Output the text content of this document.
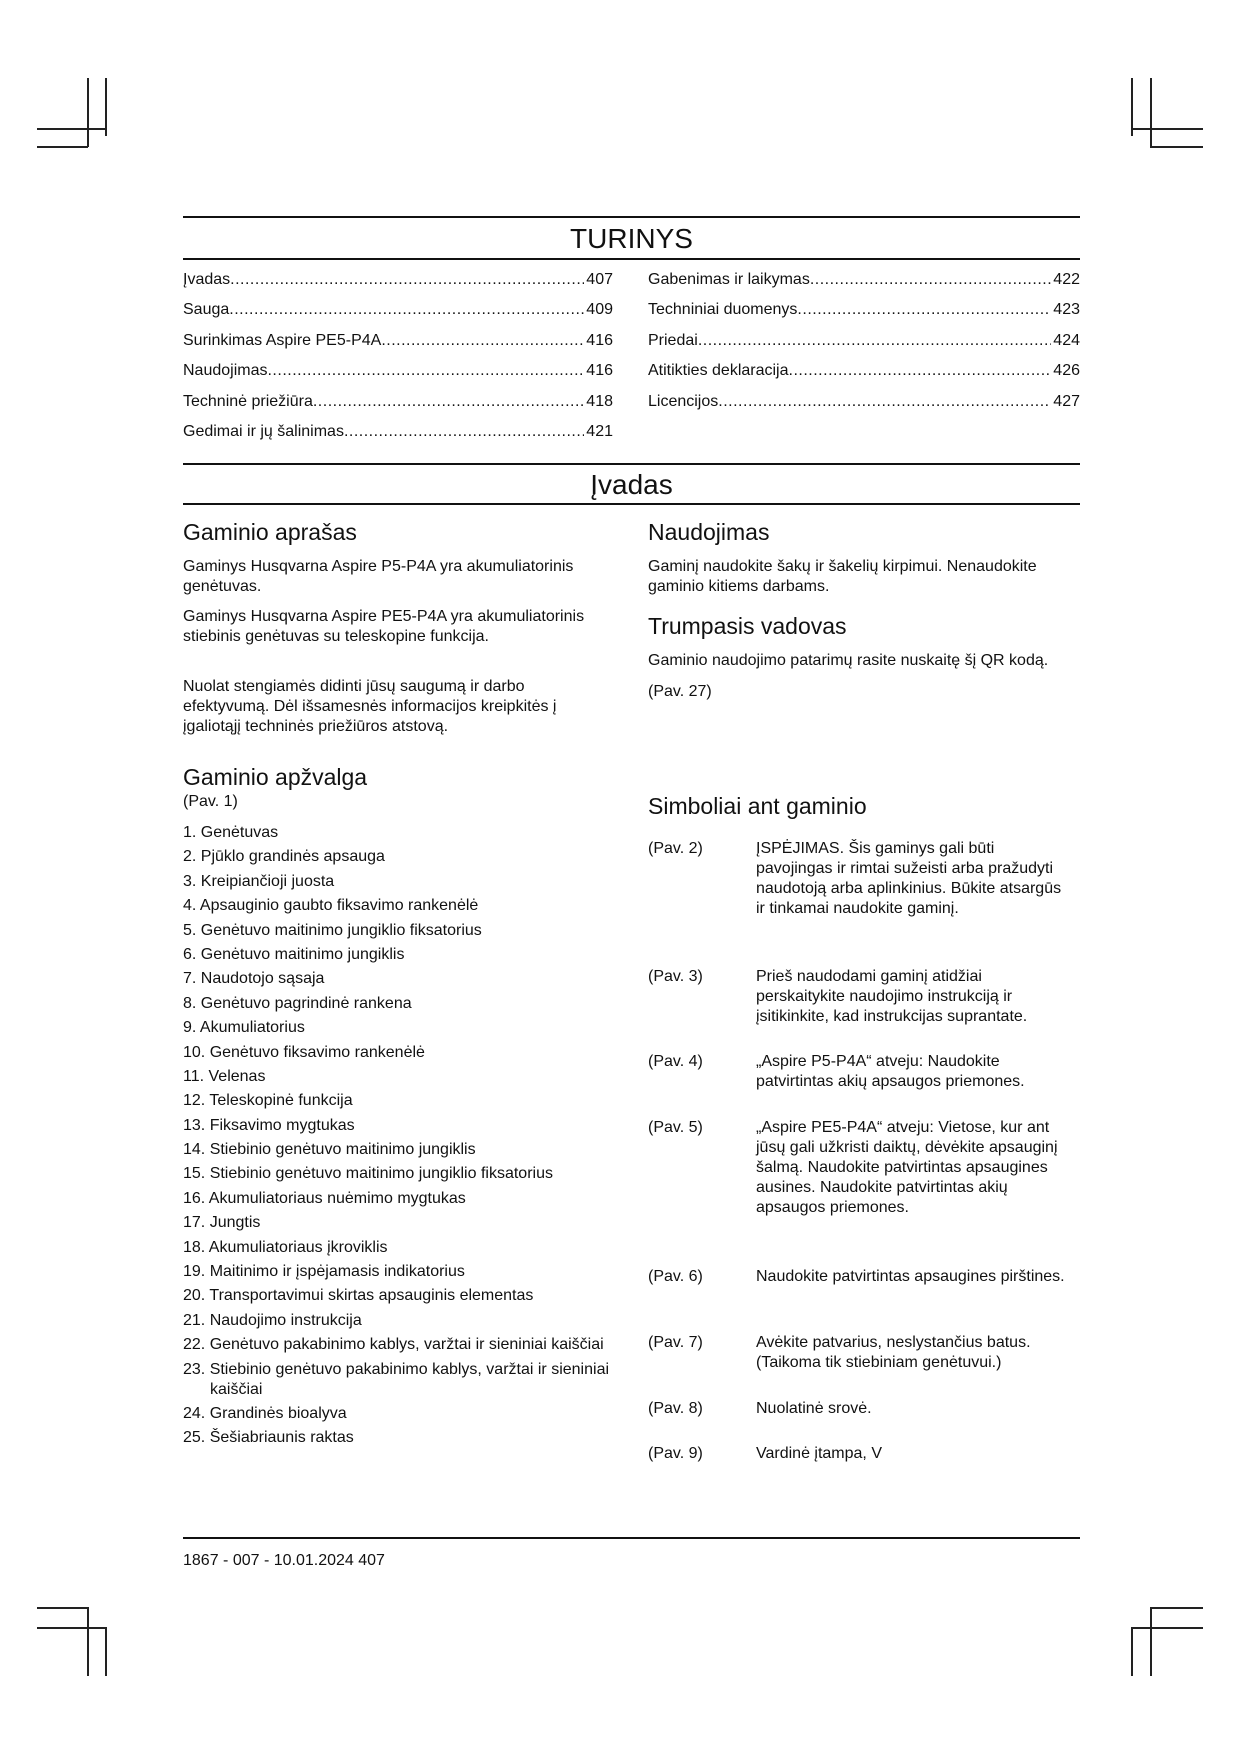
TURINYS
Įvadas .....	407
Sauga .....	409
Surinkimas Aspire PE5-P4A .....	416
Naudojimas .....	416
Techninė priežiūra .....	418
Gedimai ir jų šalinimas .....	421
Gabenimas ir laikymas .....	422
Techniniai duomenys .....	423
Priedai .....	424
Atitikties deklaracija .....	426
Licencijos .....	427
Įvadas
Gaminio aprašas

Gaminys Husqvarna Aspire P5-P4A yra akumuliatorinis genėtuvas.

Gaminys Husqvarna Aspire PE5-P4A yra akumuliatorinis stiebinis genėtuvas su teleskopine funkcija.

Nuolat stengiamės didinti jūsų saugumą ir darbo efektyvumą. Dėl išsamesnės informacijos kreipkitės į įgaliotąjį techninės priežiūros atstovą.

Gaminio apžvalga
(Pav. 1)
1. Genėtuvas
2. Pjūklo grandinės apsauga
3. Kreipiančioji juosta
4. Apsauginio gaubto fiksavimo rankenėlė
5. Genėtuvo maitinimo jungiklio fiksatorius
6. Genėtuvo maitinimo jungiklis
7. Naudotojo sąsaja
8. Genėtuvo pagrindinė rankena
9. Akumuliatorius
10. Genėtuvo fiksavimo rankenėlė
11. Velenas
12. Teleskopinė funkcija
13. Fiksavimo mygtukas
14. Stiebinio genėtuvo maitinimo jungiklis
15. Stiebinio genėtuvo maitinimo jungiklio fiksatorius
16. Akumuliatoriaus nuėmimo mygtukas
17. Jungtis
18. Akumuliatoriaus įkroviklis
19. Maitinimo ir įspėjamasis indikatorius
20. Transportavimui skirtas apsauginis elementas
21. Naudojimo instrukcija
22. Genėtuvo pakabinimo kablys, varžtai ir sieniniai kaiščiai
23. Stiebinio genėtuvo pakabinimo kablys, varžtai ir sieniniai kaiščiai
24. Grandinės bioalyva
25. Šešiabriaunis raktas
Naudojimas

Gaminį naudokite šakų ir šakelių kirpimui. Nenaudokite gaminio kitiems darbams.

Trumpasis vadovas

Gaminio naudojimo patarimų rasite nuskaitę šį QR kodą.

(Pav. 27)

Simboliai ant gaminio
(Pav. 2)	ĮSPĖJIMAS. Šis gaminys gali būti pavojingas ir rimtai sužeisti arba pražudyti naudotoją arba aplinkinius. Būkite atsargūs ir tinkamai naudokite gaminį.
(Pav. 3)	Prieš naudodami gaminį atidžiai perskaitykite naudojimo instrukciją ir įsitikinkite, kad instrukcijas suprantate.
(Pav. 4)	„Aspire P5-P4A“ atveju: Naudokite patvirtintas akių apsaugos priemones.
(Pav. 5)	„Aspire PE5-P4A“ atveju: Vietose, kur ant jūsų gali užkristi daiktų, dėvėkite apsauginį šalmą. Naudokite patvirtintas apsaugines ausines. Naudokite patvirtintas akių apsaugos priemones.
(Pav. 6)	Naudokite patvirtintas apsaugines pirštines.
(Pav. 7)	Avėkite patvarius, neslystančius batus. (Taikoma tik stiebiniam genėtuvui.)
(Pav. 8)	Nuolatinė srovė.
(Pav. 9)	Vardinė įtampa, V
1867 - 007 - 10.01.2024 407
